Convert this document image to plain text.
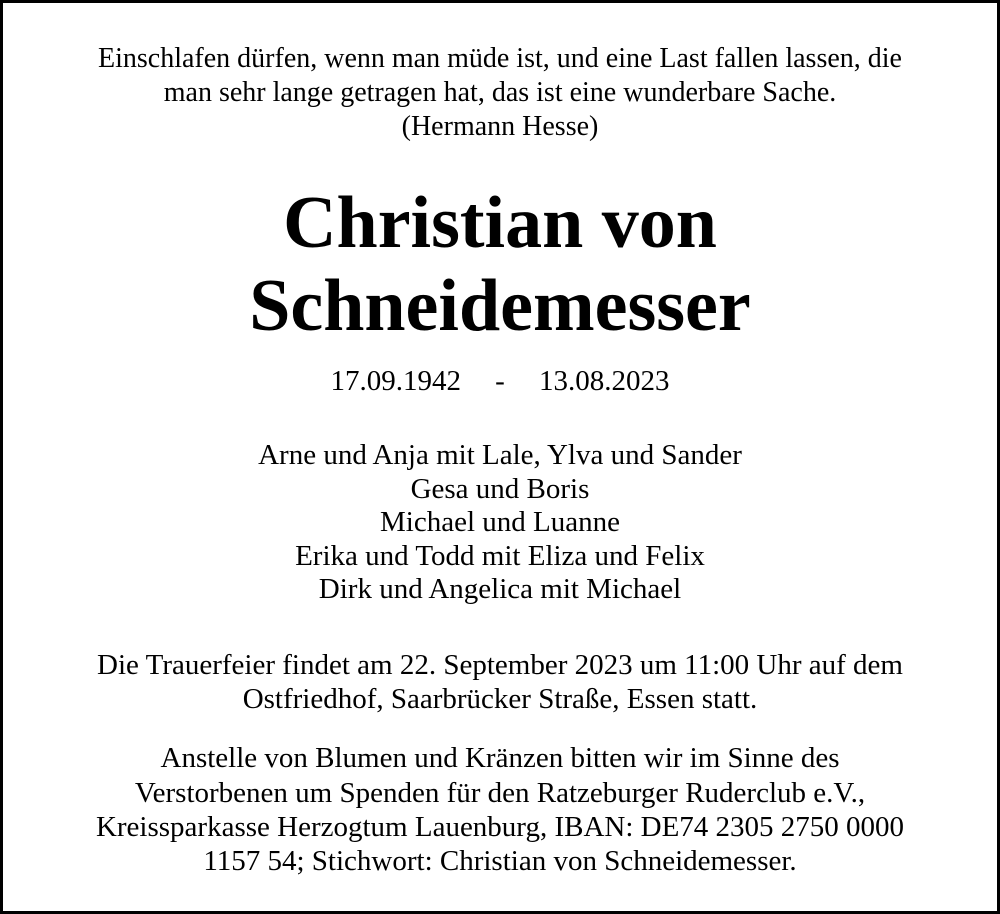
Einschlafen dürfen, wenn man müde ist, und eine Last fallen lassen, die
man sehr lange getragen hat, das ist eine wunderbare Sache.
(Hermann Hesse)
Christian von
Schneidemesser
17.09.1942 - 13.08.2023
Arne und Anja mit Lale, Ylva und Sander
Gesa und Boris
Michael und Luanne
Erika und Todd mit Eliza und Felix
Dirk und Angelica mit Michael
Die Trauerfeier findet am 22. September 2023 um 11:00 Uhr auf dem
Ostfriedhof, Saarbrücker Straße, Essen statt.
Anstelle von Blumen und Kränzen bitten wir im Sinne des
Verstorbenen um Spenden für den Ratzeburger Ruderclub e.V.,
Kreissparkasse Herzogtum Lauenburg, IBAN: DE74 2305 2750 0000
1157 54; Stichwort: Christian von Schneidemesser.
